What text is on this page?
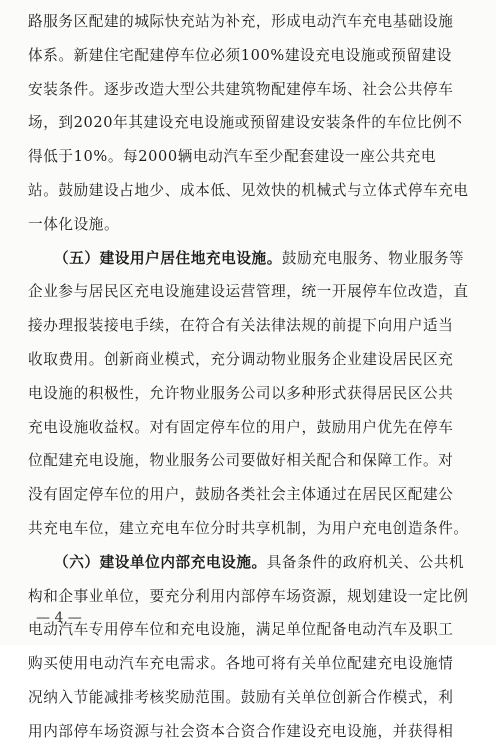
路服务区配建的城际快充站为补充，形成电动汽车充电基础设施
体系。新建住宅配建停车位必须100%建设充电设施或预留建设
安装条件。逐步改造大型公共建筑物配建停车场、社会公共停车
场，到2020年其建设充电设施或预留建设安装条件的车位比例不
得低于10%。每2000辆电动汽车至少配套建设一座公共充电
站。鼓励建设占地少、成本低、见效快的机械式与立体式停车充电
一体化设施。
（五）建设用户居住地充电设施。鼓励充电服务、物业服务等
企业参与居民区充电设施建设运营管理，统一开展停车位改造，直
接办理报装接电手续，在符合有关法律法规的前提下向用户适当
收取费用。创新商业模式，充分调动物业服务企业建设居民区充
电设施的积极性，允许物业服务公司以多种形式获得居民区公共
充电设施收益权。对有固定停车位的用户，鼓励用户优先在停车
位配建充电设施，物业服务公司要做好相关配合和保障工作。对
没有固定停车位的用户，鼓励各类社会主体通过在居民区配建公
共充电车位，建立充电车位分时共享机制，为用户充电创造条件。
（六）建设单位内部充电设施。具备条件的政府机关、公共机
构和企事业单位，要充分利用内部停车场资源，规划建设一定比例
电动汽车专用停车位和充电设施，满足单位配备电动汽车及职工
购买使用电动汽车充电需求。各地可将有关单位配建充电设施情
况纳入节能减排考核奖励范围。鼓励有关单位创新合作模式，利
用内部停车场资源与社会资本合资合作建设充电设施，并获得相
— 4 —
